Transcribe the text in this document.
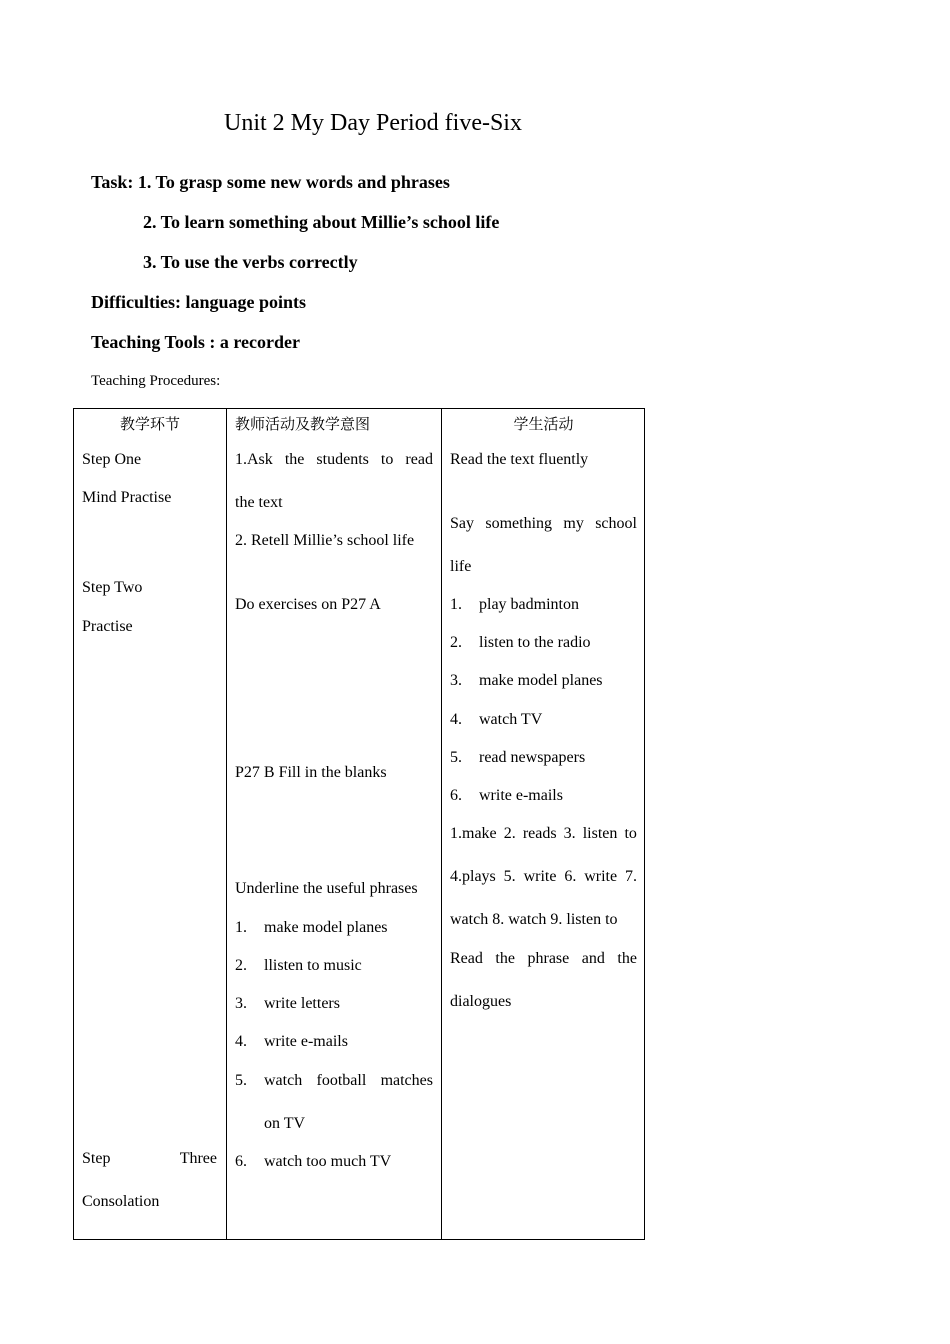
Unit 2 My Day Period five-Six
Task: 1. To grasp some new words and phrases
2. To learn something about Millie’s school life
3. To use the verbs correctly
Difficulties: language points
Teaching Tools : a recorder
Teaching Procedures:
教学环节
Step One
Mind Practise
Step Two
Practise
Step	Three
Consolation
教师活动及教学意图
1.Ask the students to read
the text
2. Retell Millie’s school life
Do exercises on P27 A
P27 B Fill in the blanks
Underline the useful phrases
1. make model planes
2. llisten to music
3. write letters
4. write e-mails
5.	watch football matches
on TV
6. watch too much TV
学生活动
Read the text fluently
Say something my school
life
1. play badminton
2. listen to the radio
3. make model planes
4. watch TV
5. read newspapers
6. write e-mails
1.make 2. reads 3. listen to
4.plays 5. write 6. write 7.
watch 8. watch 9. listen to
Read the phrase and the
dialogues
